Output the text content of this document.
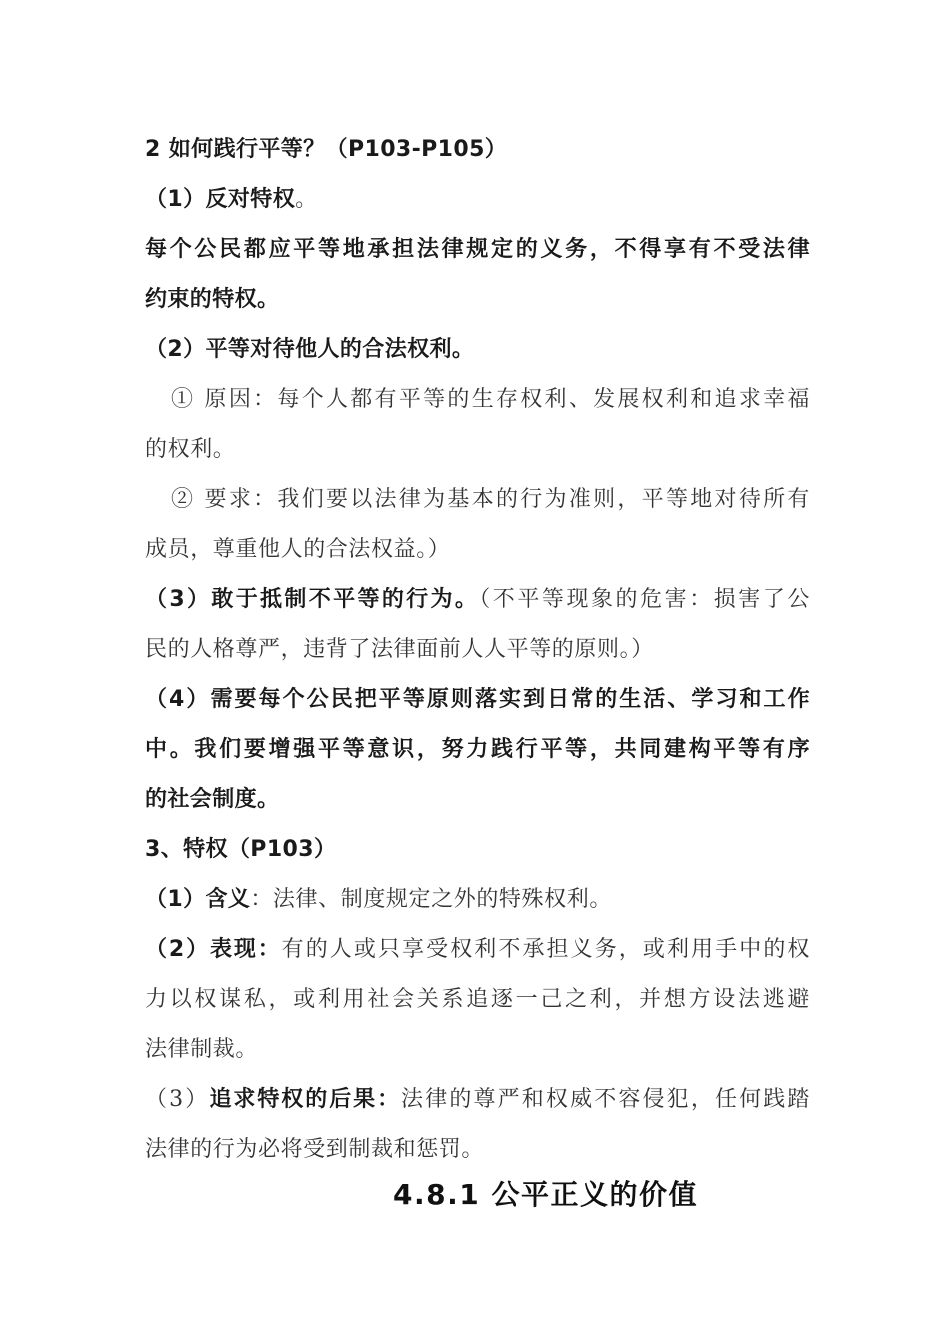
2 如何践行平等？（P103-P105）
（1）反对特权。
每个公民都应平等地承担法律规定的义务，不得享有不受法律
约束的特权。
（2）平等对待他人的合法权利。
① 原因：每个人都有平等的生存权利、发展权利和追求幸福
的权利。
② 要求：我们要以法律为基本的行为准则，平等地对待所有
成员，尊重他人的合法权益。）
（3）敢于抵制不平等的行为。（不平等现象的危害：损害了公
民的人格尊严，违背了法律面前人人平等的原则。）
（4）需要每个公民把平等原则落实到日常的生活、学习和工作
中。我们要增强平等意识，努力践行平等，共同建构平等有序
的社会制度。
3、特权（P103）
（1）含义：法律、制度规定之外的特殊权利。
（2）表现：有的人或只享受权利不承担义务，或利用手中的权
力以权谋私，或利用社会关系追逐一己之利，并想方设法逃避
法律制裁。
（3）追求特权的后果：法律的尊严和权威不容侵犯，任何践踏
法律的行为必将受到制裁和惩罚。
4.8.1 公平正义的价值
